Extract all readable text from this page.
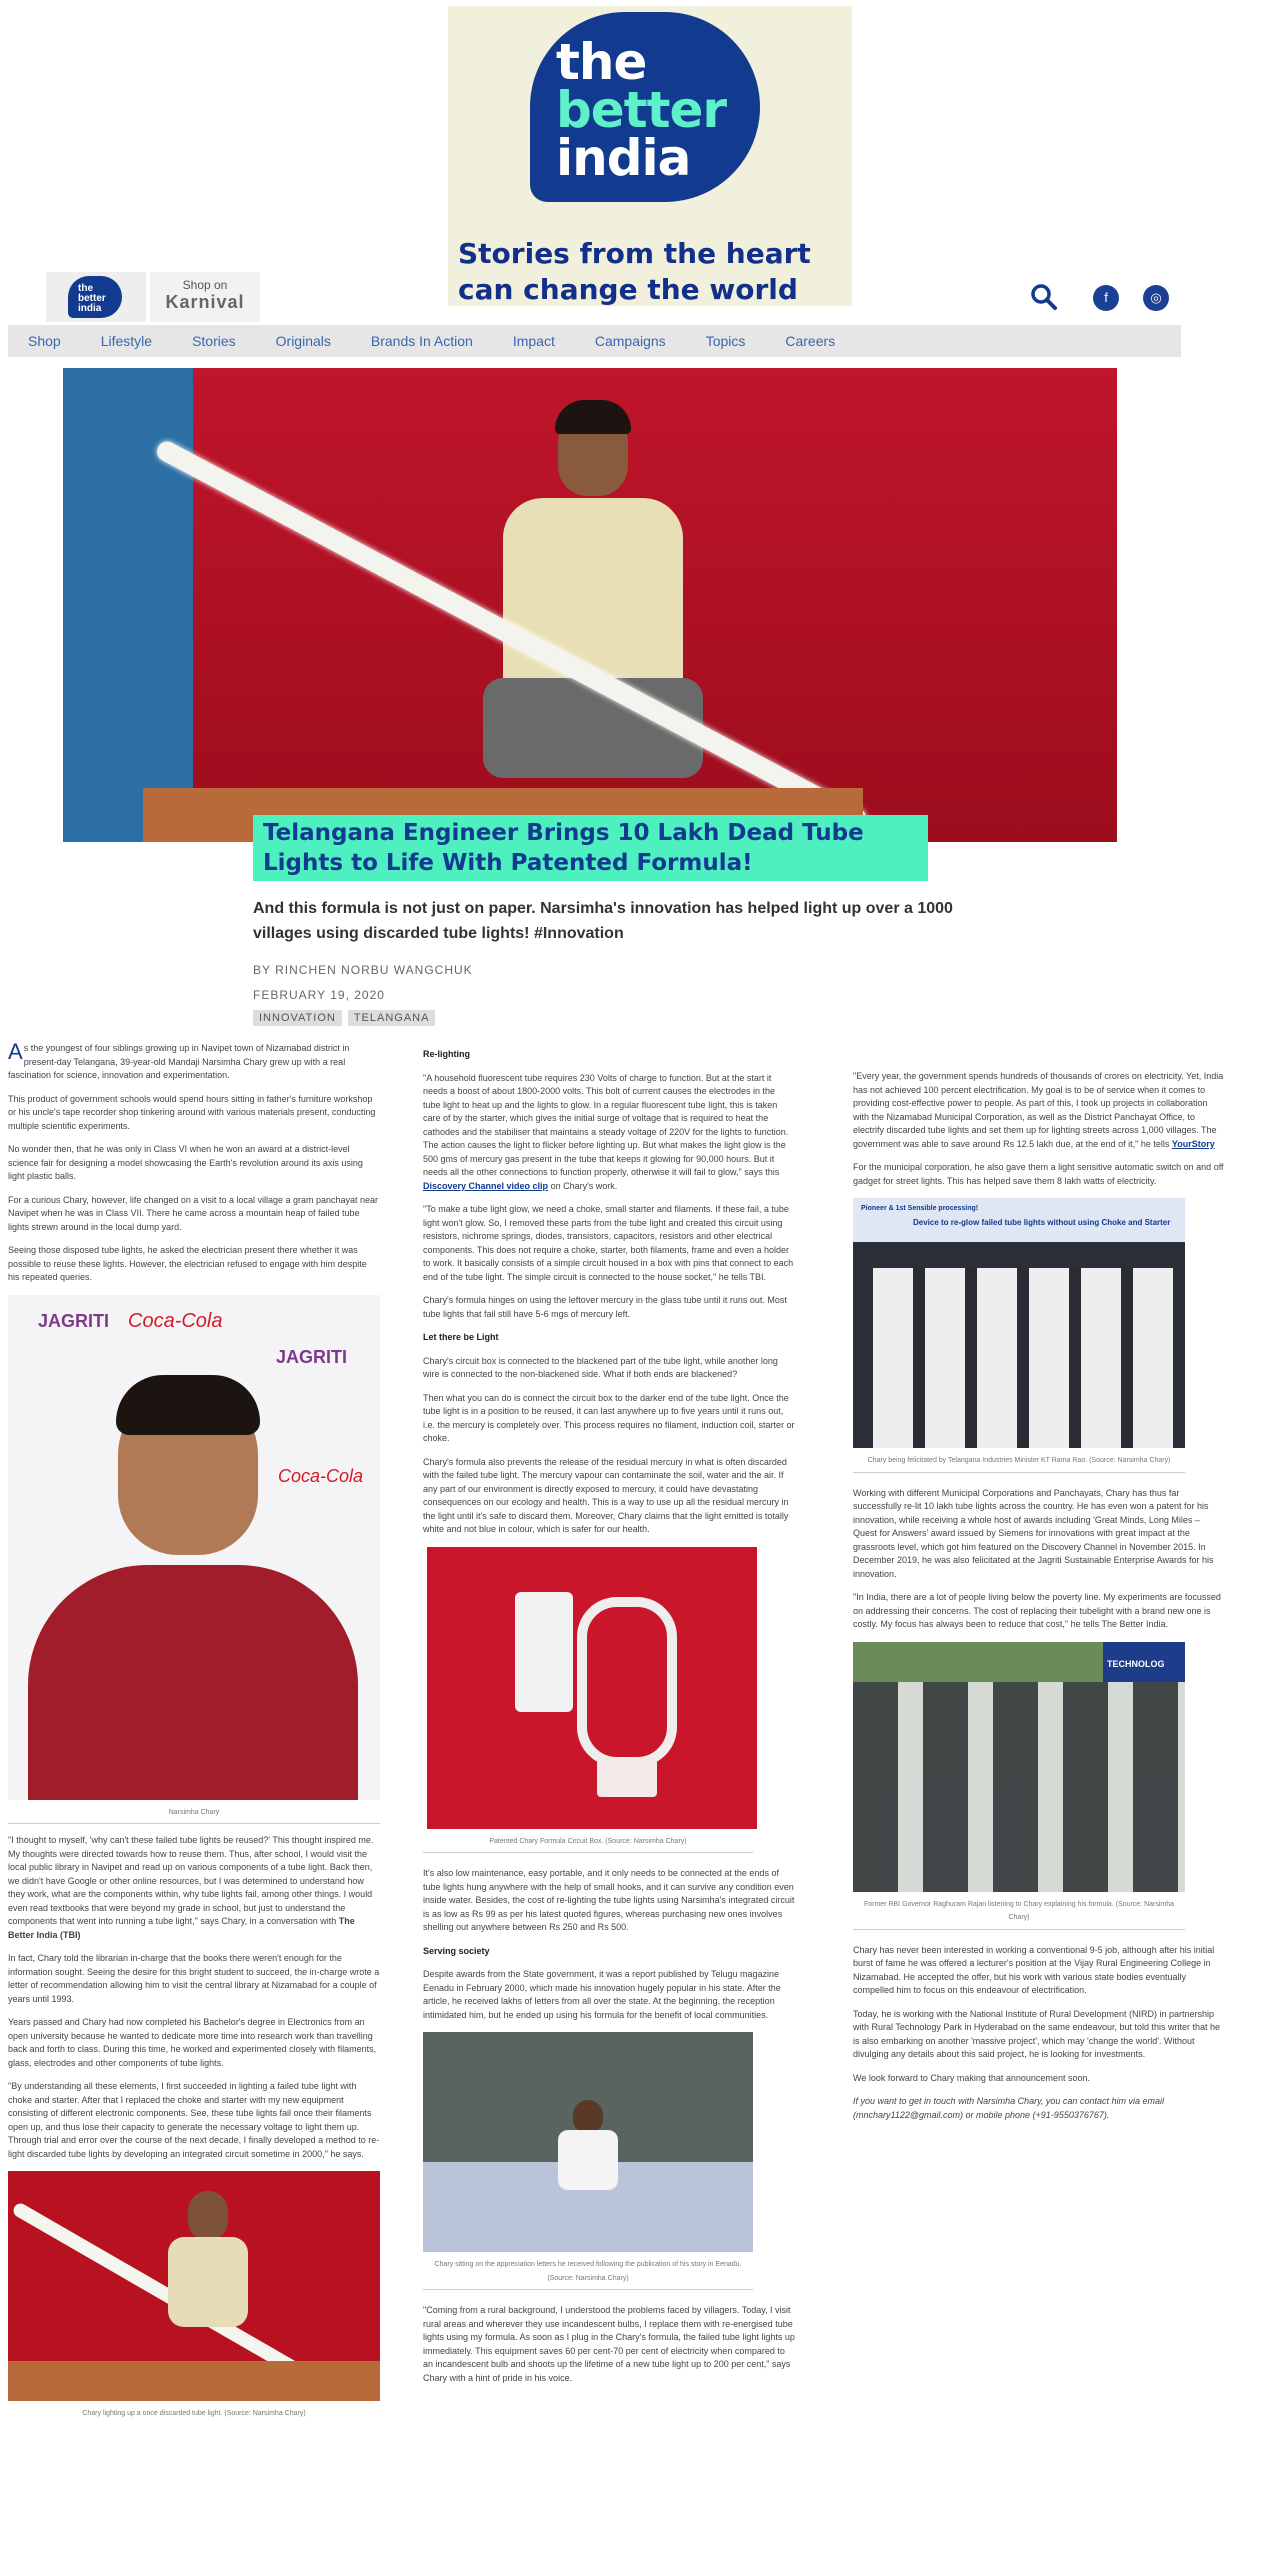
the
better
india
Stories from the heart
can change the world
the better india
Shop on
Karnival	f	◎
Shop	Lifestyle	Stories	Originals	Brands In Action	Impact	Campaigns	Topics	Careers
Telangana Engineer Brings 10 Lakh Dead Tube Lights to Life With Patented Formula!
And this formula is not just on paper. Narsimha's innovation has helped light up over a 1000 villages using discarded tube lights! #Innovation
BY RINCHEN NORBU WANGCHUK
FEBRUARY 19, 2020
INNOVATION	TELANGANA

As the youngest of four siblings growing up in Navipet town of Nizamabad district in present-day Telangana, 39-year-old Mandaji Narsimha Chary grew up with a real fascination for science, innovation and experimentation.

This product of government schools would spend hours sitting in father's furniture workshop or his uncle's tape recorder shop tinkering around with various materials present, conducting multiple scientific experiments.

No wonder then, that he was only in Class VI when he won an award at a district-level science fair for designing a model showcasing the Earth's revolution around its axis using light plastic balls.

For a curious Chary, however, life changed on a visit to a local village a gram panchayat near Navipet when he was in Class VII. There he came across a mountain heap of failed tube lights strewn around in the local dump yard.

Seeing those disposed tube lights, he asked the electrician present there whether it was possible to reuse these lights. However, the electrician refused to engage with him despite his repeated queries.

JAGRITI Coca-Cola
JAGRITI
Coca-Cola
Narsimha Chary

"I thought to myself, 'why can't these failed tube lights be reused?' This thought inspired me. My thoughts were directed towards how to reuse them. Thus, after school, I would visit the local public library in Navipet and read up on various components of a tube light. Back then, we didn't have Google or other online resources, but I was determined to understand how they work, what are the components within, why tube lights fail, among other things. I would even read textbooks that were beyond my grade in school, but just to understand the components that went into running a tube light," says Chary, in a conversation with The Better India (TBI)

In fact, Chary told the librarian in-charge that the books there weren't enough for the information sought. Seeing the desire for this bright student to succeed, the in-charge wrote a letter of recommendation allowing him to visit the central library at Nizamabad for a couple of years until 1993.

Years passed and Chary had now completed his Bachelor's degree in Electronics from an open university because he wanted to dedicate more time into research work than travelling back and forth to class. During this time, he worked and experimented closely with filaments, glass, electrodes and other components of tube lights.

"By understanding all these elements, I first succeeded in lighting a failed tube light with choke and starter. After that I replaced the choke and starter with my new equipment consisting of different electronic components. See, these tube lights fail once their filaments open up, and thus lose their capacity to generate the necessary voltage to light them up. Through trial and error over the course of the next decade, I finally developed a method to re-light discarded tube lights by developing an integrated circuit sometime in 2000," he says.

Chary lighting up a once discarded tube light. (Source: Narsimha Chary)
Re-lighting

"A household fluorescent tube requires 230 Volts of charge to function. But at the start it needs a boost of about 1800-2000 volts. This bolt of current causes the electrodes in the tube light to heat up and the lights to glow. In a regular fluorescent tube light, this is taken care of by the starter, which gives the initial surge of voltage that is required to heat the cathodes and the stabiliser that maintains a steady voltage of 220V for the lights to function. The action causes the light to flicker before lighting up. But what makes the light glow is the 500 gms of mercury gas present in the tube that keeps it glowing for 90,000 hours. But it needs all the other connections to function properly, otherwise it will fail to glow," says this Discovery Channel video clip on Chary's work.

"To make a tube light glow, we need a choke, small starter and filaments. If these fail, a tube light won't glow. So, I removed these parts from the tube light and created this circuit using resistors, nichrome springs, diodes, transistors, capacitors, resistors and other electrical components. This does not require a choke, starter, both filaments, frame and even a holder to work. It basically consists of a simple circuit housed in a box with pins that connect to each end of the tube light. The simple circuit is connected to the house socket," he tells TBI.

Chary's formula hinges on using the leftover mercury in the glass tube until it runs out. Most tube lights that fail still have 5-6 mgs of mercury left.

Let there be Light

Chary's circuit box is connected to the blackened part of the tube light, while another long wire is connected to the non-blackened side. What if both ends are blackened?

Then what you can do is connect the circuit box to the darker end of the tube light. Once the tube light is in a position to be reused, it can last anywhere up to five years until it runs out, i.e. the mercury is completely over. This process requires no filament, induction coil, starter or choke.

Chary's formula also prevents the release of the residual mercury in what is often discarded with the failed tube light. The mercury vapour can contaminate the soil, water and the air. If any part of our environment is directly exposed to mercury, it could have devastating consequences on our ecology and health. This is a way to use up all the residual mercury in the light until it's safe to discard them. Moreover, Chary claims that the light emitted is totally white and not blue in colour, which is safer for our health.

Patented Chary Formula Circuit Box. (Source: Narsimha Chary)

It's also low maintenance, easy portable, and it only needs to be connected at the ends of tube lights hung anywhere with the help of small hooks, and it can survive any condition even inside water. Besides, the cost of re-lighting the tube lights using Narsimha's integrated circuit is as low as Rs 99 as per his latest quoted figures, whereas purchasing new ones involves shelling out anywhere between Rs 250 and Rs 500.

Serving society

Despite awards from the State government, it was a report published by Telugu magazine Eenadu in February 2000, which made his innovation hugely popular in his state. After the article, he received lakhs of letters from all over the state. At the beginning, the reception intimidated him, but he ended up using his formula for the benefit of local communities.

Chary sitting on the appreciation letters he received following the publication of his story in Eenadu. (Source: Narsimha Chary)

"Coming from a rural background, I understood the problems faced by villagers. Today, I visit rural areas and wherever they use incandescent bulbs, I replace them with re-energised tube lights using my formula. As soon as I plug in the Chary's formula, the failed tube light lights up immediately. This equipment saves 60 per cent-70 per cent of electricity when compared to an incandescent bulb and shoots up the lifetime of a new tube light up to 200 per cent," says Chary with a hint of pride in his voice.

"Every year, the government spends hundreds of thousands of crores on electricity. Yet, India has not achieved 100 percent electrification. My goal is to be of service when it comes to providing cost-effective power to people. As part of this, I took up projects in collaboration with the Nizamabad Municipal Corporation, as well as the District Panchayat Office, to electrify discarded tube lights and set them up for lighting streets across 1,000 villages. The government was able to save around Rs 12.5 lakh due, at the end of it," he tells YourStory

For the municipal corporation, he also gave them a light sensitive automatic switch on and off gadget for street lights. This has helped save them 8 lakh watts of electricity.

Pioneer & 1st Sensible processing!
Device to re-glow failed tube lights without using Choke and Starter
Chary being felicitated by Telangana Industries Minister KT Rama Rao. (Source: Narsimha Chary)

Working with different Municipal Corporations and Panchayats, Chary has thus far successfully re-lit 10 lakh tube lights across the country. He has even won a patent for his innovation, while receiving a whole host of awards including 'Great Minds, Long Miles – Quest for Answers' award issued by Siemens for innovations with great impact at the grassroots level, which got him featured on the Discovery Channel in November 2015. In December 2019, he was also felicitated at the Jagriti Sustainable Enterprise Awards for his innovation.

"In India, there are a lot of people living below the poverty line. My experiments are focussed on addressing their concerns. The cost of replacing their tubelight with a brand new one is costly. My focus has always been to reduce that cost," he tells The Better India.

TECHNOLOG
Former RBI Governor Raghuram Rajan listening to Chary explaining his formula. (Source: Narsimha Chary)

Chary has never been interested in working a conventional 9-5 job, although after his initial burst of fame he was offered a lecturer's position at the Vijay Rural Engineering College in Nizamabad. He accepted the offer, but his work with various state bodies eventually compelled him to focus on this endeavour of electrification.

Today, he is working with the National Institute of Rural Development (NIRD) in partnership with Rural Technology Park in Hyderabad on the same endeavour, but told this writer that he is also embarking on another 'massive project', which may 'change the world'. Without divulging any details about this said project, he is looking for investments.

We look forward to Chary making that announcement soon.

If you want to get in touch with Narsimha Chary, you can contact him via email (mnchary1122@gmail.com) or mobile phone (+91-9550376767).
